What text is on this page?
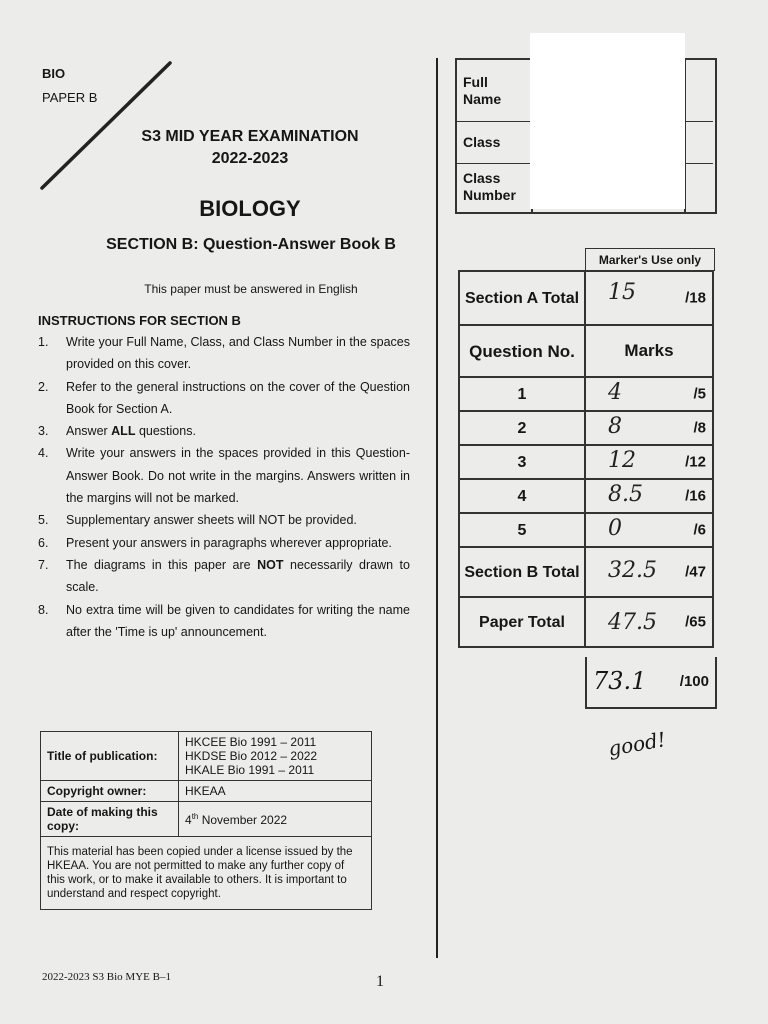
BIO
PAPER B
S3 MID YEAR EXAMINATION
2022-2023
BIOLOGY
SECTION B: Question-Answer Book B
This paper must be answered in English
INSTRUCTIONS FOR SECTION B
1. Write your Full Name, Class, and Class Number in the spaces provided on this cover.
2. Refer to the general instructions on the cover of the Question Book for Section A.
3. Answer ALL questions.
4. Write your answers in the spaces provided in this Question-Answer Book. Do not write in the margins. Answers written in the margins will not be marked.
5. Supplementary answer sheets will NOT be provided.
6. Present your answers in paragraphs wherever appropriate.
7. The diagrams in this paper are NOT necessarily drawn to scale.
8. No extra time will be given to candidates for writing the name after the 'Time is up' announcement.
Title of publication:	HKCEE Bio 1991 – 2011
HKDSE Bio 2012 – 2022
HKALE Bio 1991 – 2011

Copyright owner:	HKEAA
Date of making this copy:	4th November 2022
This material has been copied under a license issued by the HKEAA. You are not permitted to make any further copy of this work, or to make it available to others. It is important to understand and respect copyright.	
Full Name
Class
Class Number
Marker's Use only
Section A Total	15 /18

Question No.	Marks
1	4 /5

2	8 /8

3	12 /12

4	8.5 /16

5	0 /6

Section B Total	32.5 /47

Paper Total	47.5 /65
73.1 /100
good!
2022-2023 S3 Bio MYE B–1	1
